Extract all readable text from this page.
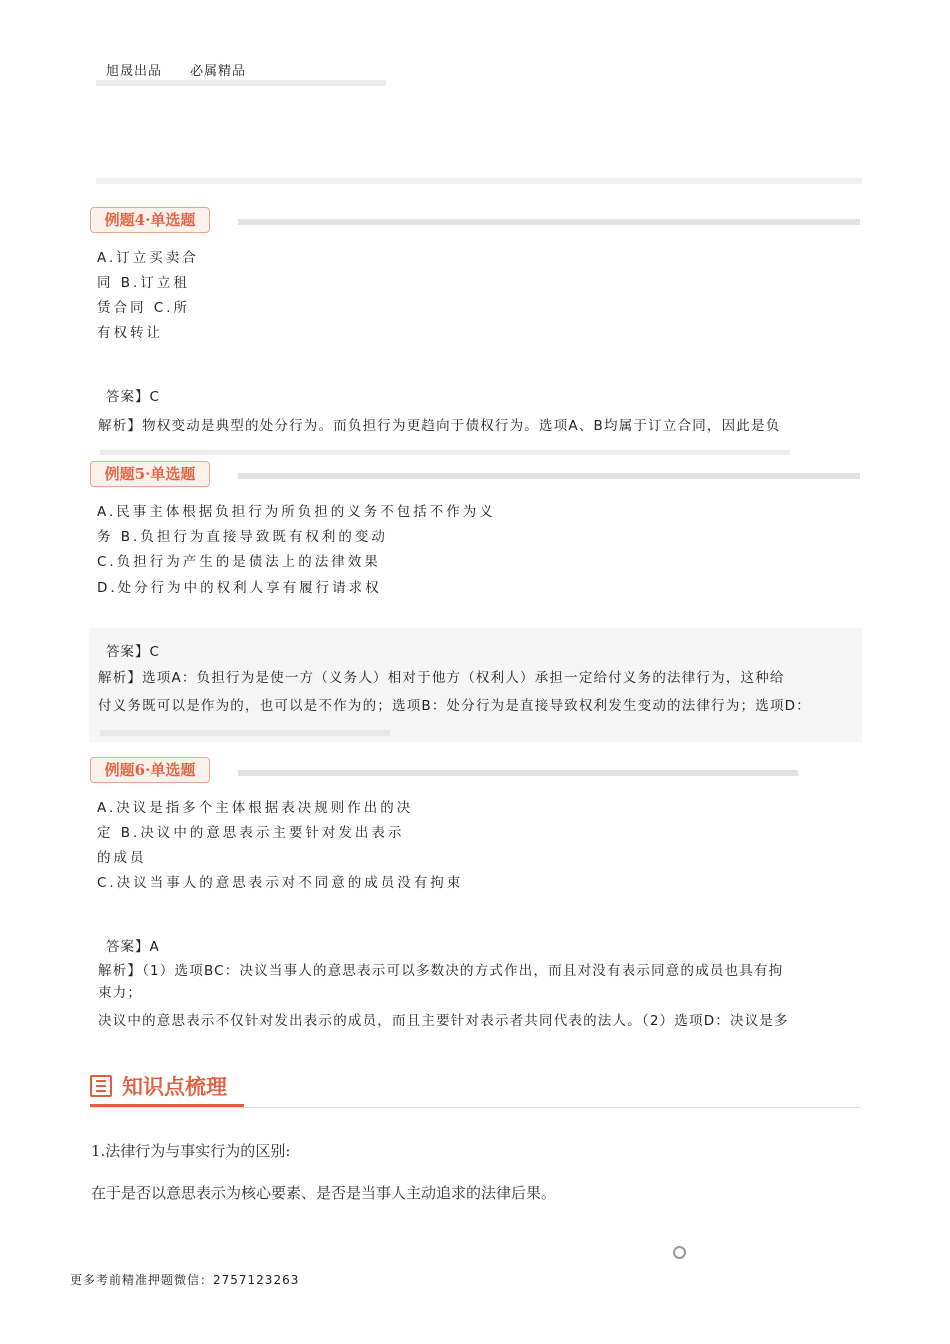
旭晟出品 必属精品
例题4·单选题
A.订立买卖合
同 B.订立租
赁合同 C.所
有权转让
答案】C
解析】物权变动是典型的处分行为。而负担行为更趋向于债权行为。选项A、B均属于订立合同，因此是负
例题5·单选题
A.民事主体根据负担行为所负担的义务不包括不作为义
务 B.负担行为直接导致既有权利的变动
C.负担行为产生的是债法上的法律效果
D.处分行为中的权利人享有履行请求权
答案】C
解析】选项A：负担行为是使一方（义务人）相对于他方（权利人）承担一定给付义务的法律行为，这种给
付义务既可以是作为的，也可以是不作为的；选项B：处分行为是直接导致权利发生变动的法律行为；选项D：
例题6·单选题
A.决议是指多个主体根据表决规则作出的决
定 B.决议中的意思表示主要针对发出表示
的成员
C.决议当事人的意思表示对不同意的成员没有拘束
答案】A
解析】（1）选项BC：决议当事人的意思表示可以多数决的方式作出，而且对没有表示同意的成员也具有拘
束力；
决议中的意思表示不仅针对发出表示的成员，而且主要针对表示者共同代表的法人。（2）选项D：决议是多
知识点梳理
1.法律行为与事实行为的区别:
在于是否以意思表示为核心要素、是否是当事人主动追求的法律后果。
更多考前精准押题微信：2757123263
